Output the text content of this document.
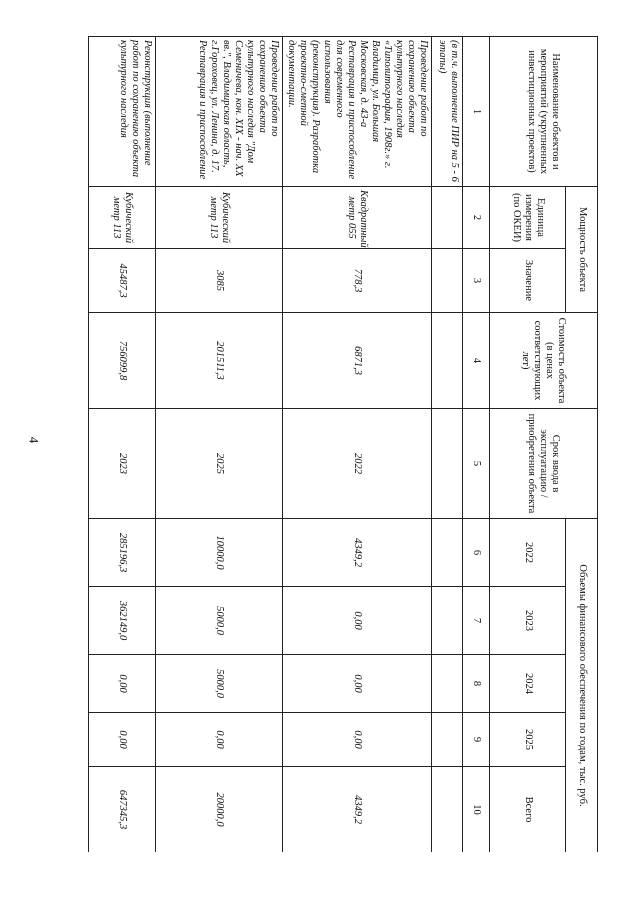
4
Наименование объектов и мероприятий (укрупненных инвестиционных проектов)	Мощность объекта		Стоимость объекта (в ценах соответствующих лет)	Срок ввода в эксплуатацию / приобретения объекта	Объемы финансового обеспечения по годам, тыс. руб.				
	Единица измерения (по ОКЕИ)	Значение			2022	2023	2024	2025	Всего
1	2	3	4	5	6	7	8	9	10
(в т.ч. выполнение ПИР на 5 - 6 этапы)									
Проведение работ по сохранению объекта культурного наследия «Типолитография, 1908г.» г. Владимир, ул. Большая Московская, д. 43-а Реставрация и приспособление для современного использования (реконструкция). Разработка проектно-сметной документации.	Квадратный метр 055	778,3	6871,3	2022	4349,2	0,00	0,00	0,00	4349,2
Проведение работ по сохранению объекта культурного наследия "Дом Семеничева, кон. XIX - нач. XX вв.", Владимирская область, г.Гороховец, ул. Ленина, д. 17. Реставрация и приспособление	Кубический метр 113	3085	201511,3	2025	10000,0	5000,0	5000,0	0,00	20000,0
Реконструкция (выполнение работ по сохранению объекта культурного наследия	Кубический метр 113	45487,3	756099,8	2023	285196,3	362149,0	0,00	0,00	647345,3
